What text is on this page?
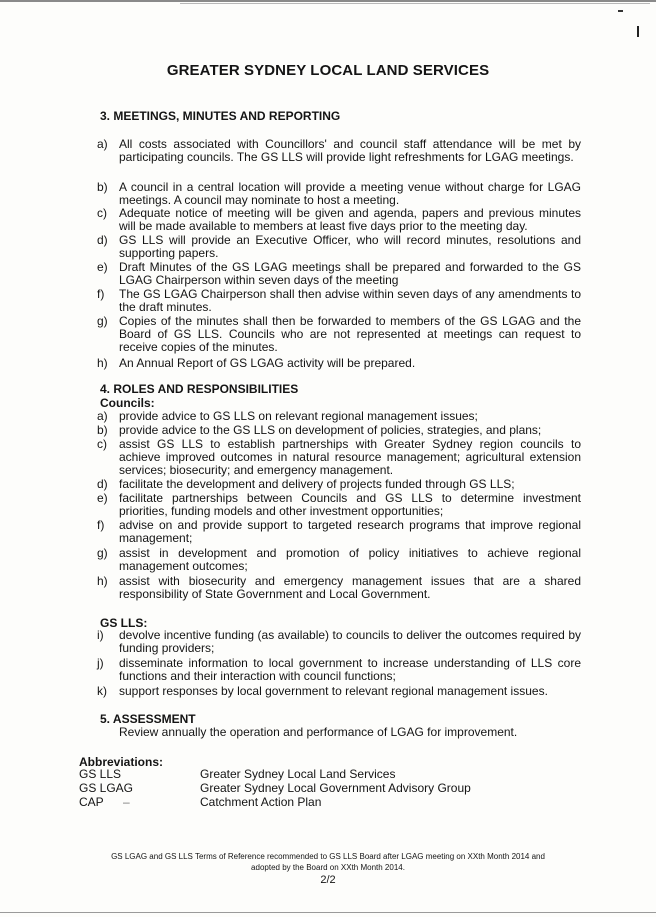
GREATER SYDNEY LOCAL LAND SERVICES
3. MEETINGS, MINUTES AND REPORTING
a) All costs associated with Councillors' and council staff attendance will be met by participating councils. The GS LLS will provide light refreshments for LGAG meetings.
b) A council in a central location will provide a meeting venue without charge for LGAG meetings. A council may nominate to host a meeting.
c) Adequate notice of meeting will be given and agenda, papers and previous minutes will be made available to members at least five days prior to the meeting day.
d) GS LLS will provide an Executive Officer, who will record minutes, resolutions and supporting papers.
e) Draft Minutes of the GS LGAG meetings shall be prepared and forwarded to the GS LGAG Chairperson within seven days of the meeting
f) The GS LGAG Chairperson shall then advise within seven days of any amendments to the draft minutes.
g) Copies of the minutes shall then be forwarded to members of the GS LGAG and the Board of GS LLS. Councils who are not represented at meetings can request to receive copies of the minutes.
h) An Annual Report of GS LGAG activity will be prepared.
4. ROLES AND RESPONSIBILITIES
Councils:
a) provide advice to GS LLS on relevant regional management issues;
b) provide advice to the GS LLS on development of policies, strategies, and plans;
c) assist GS LLS to establish partnerships with Greater Sydney region councils to achieve improved outcomes in natural resource management; agricultural extension services; biosecurity; and emergency management.
d) facilitate the development and delivery of projects funded through GS LLS;
e) facilitate partnerships between Councils and GS LLS to determine investment priorities, funding models and other investment opportunities;
f) advise on and provide support to targeted research programs that improve regional management;
g) assist in development and promotion of policy initiatives to achieve regional management outcomes;
h) assist with biosecurity and emergency management issues that are a shared responsibility of State Government and Local Government.
GS LLS:
i) devolve incentive funding (as available) to councils to deliver the outcomes required by funding providers;
j) disseminate information to local government to increase understanding of LLS core functions and their interaction with council functions;
k) support responses by local government to relevant regional management issues.
5. ASSESSMENT
Review annually the operation and performance of LGAG for improvement.
Abbreviations:
GS LLS	Greater Sydney Local Land Services
GS LGAG	Greater Sydney Local Government Advisory Group
CAP –	Catchment Action Plan
GS LGAG and GS LLS Terms of Reference recommended to GS LLS Board after LGAG meeting on XXth Month 2014 and
adopted by the Board on XXth Month 2014.
2/2
